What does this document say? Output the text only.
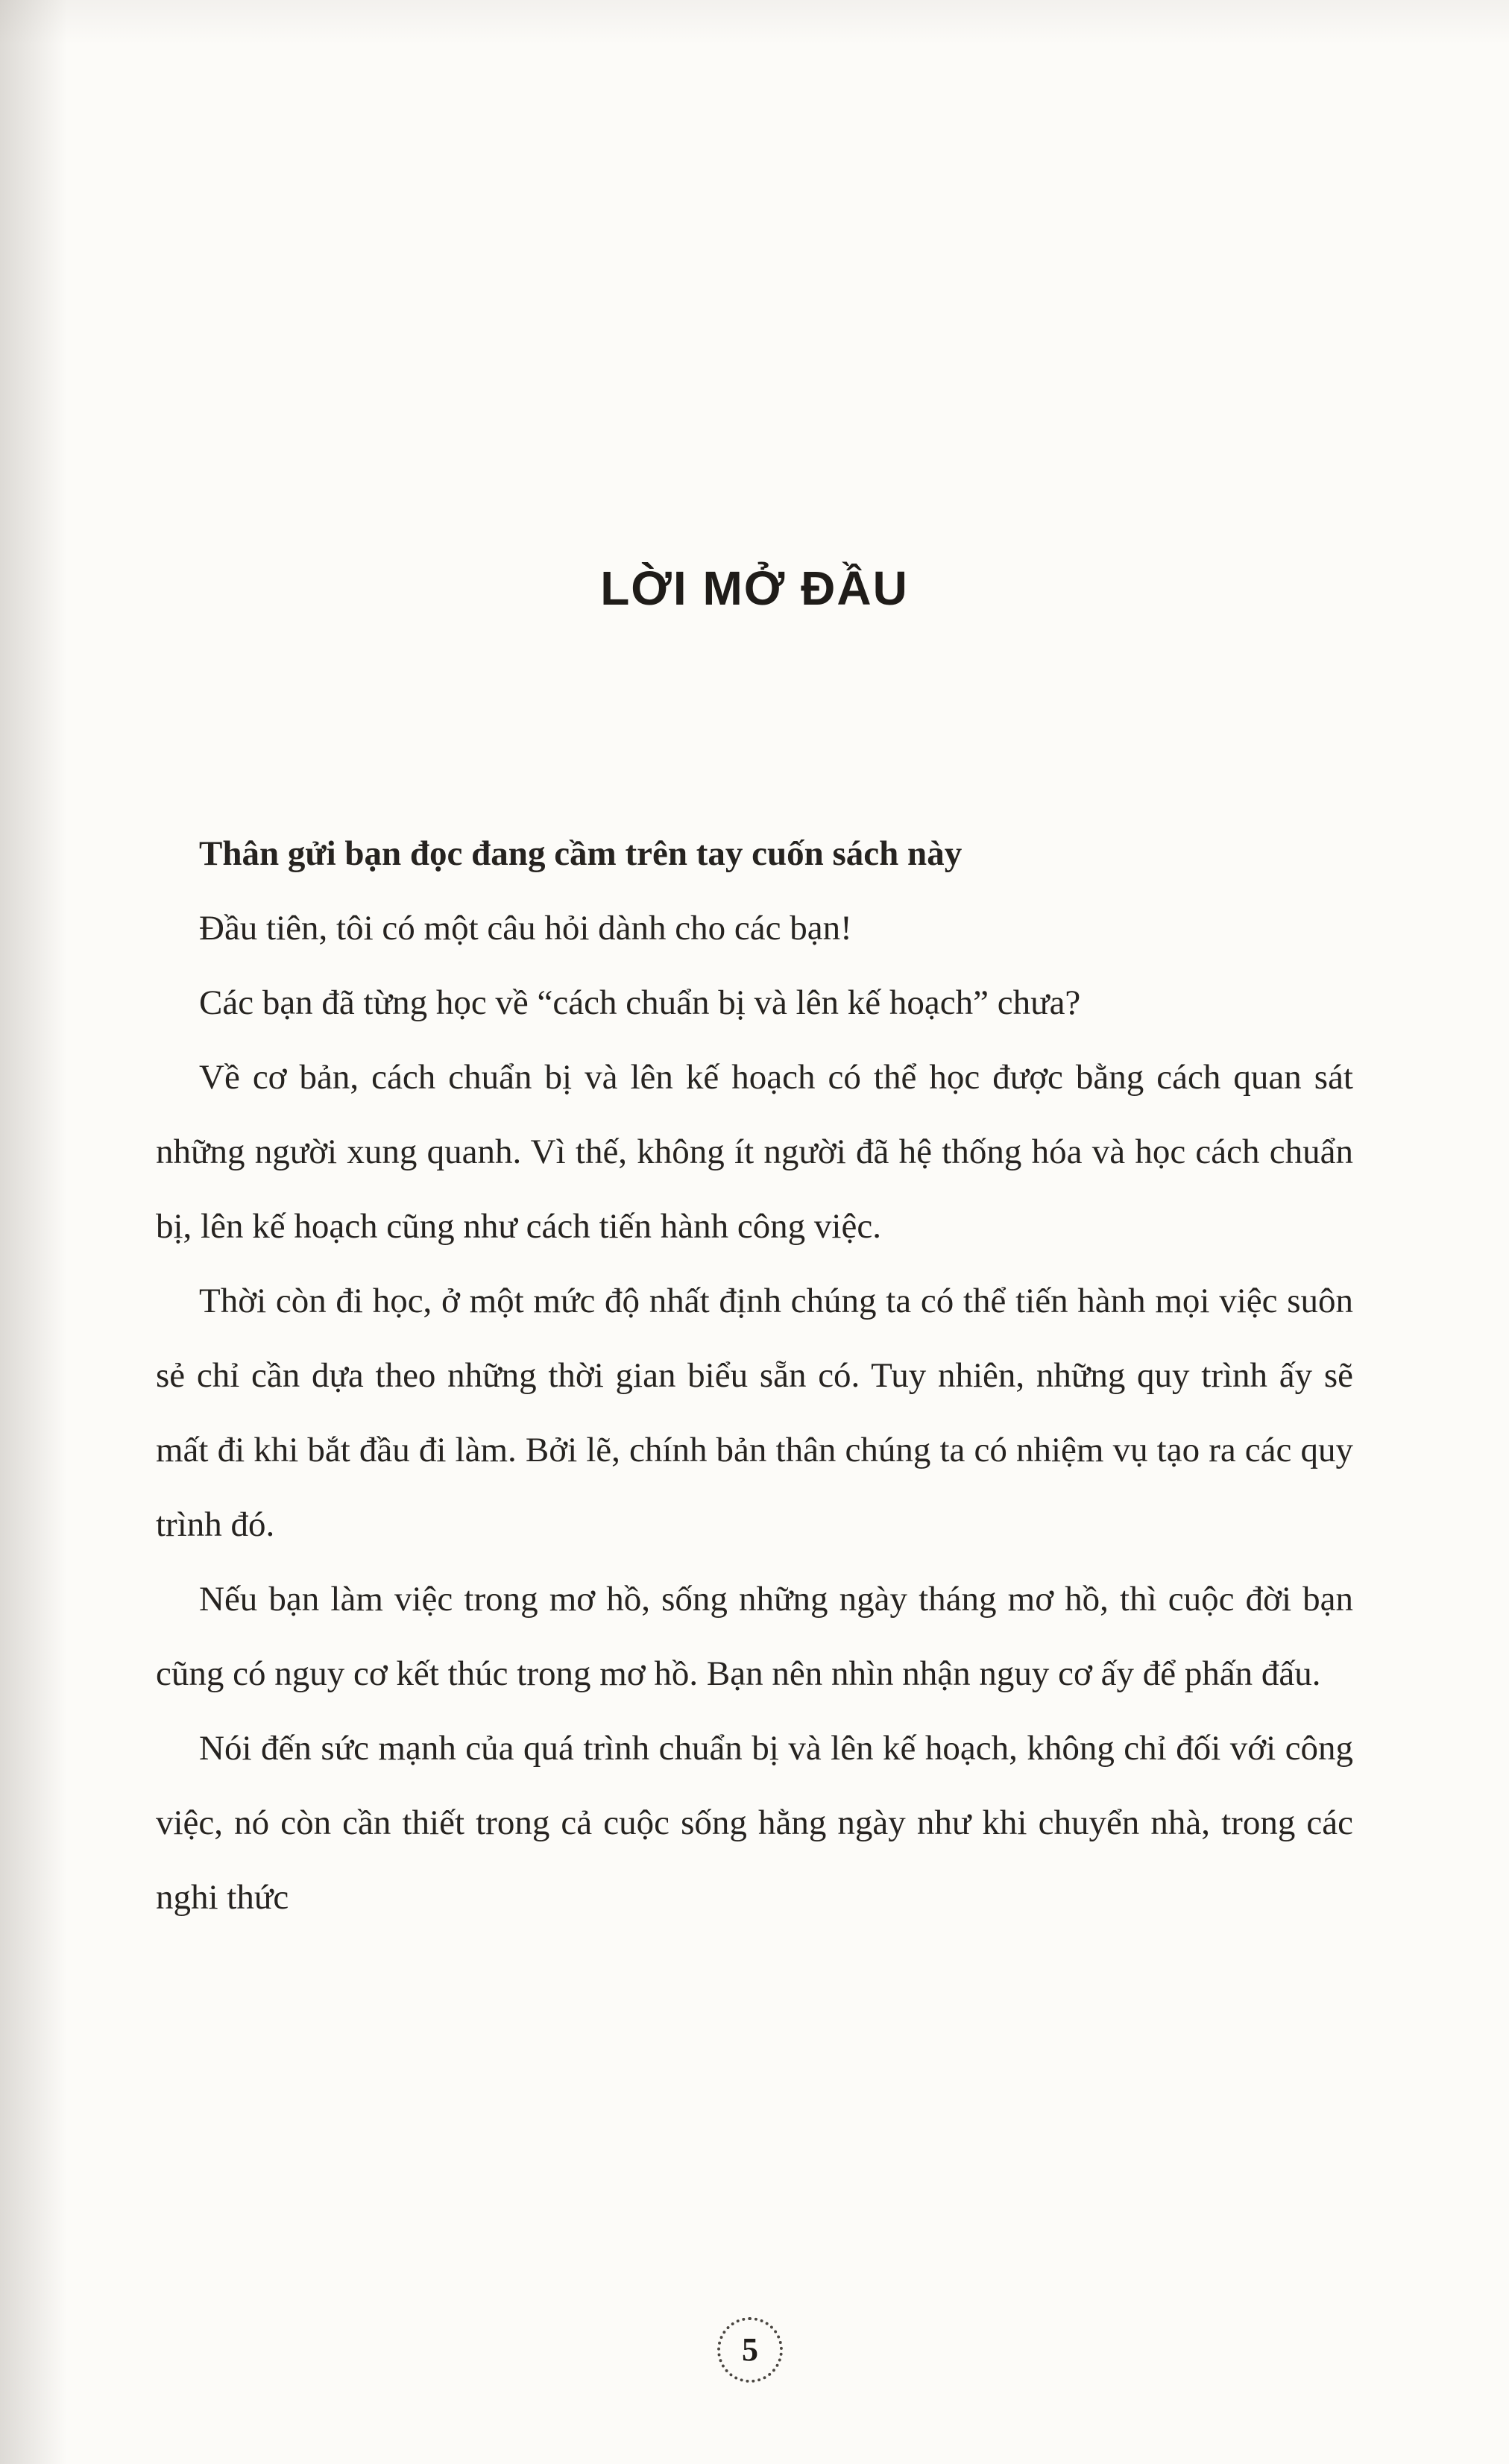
LỜI MỞ ĐẦU

Thân gửi bạn đọc đang cầm trên tay cuốn sách này

Đầu tiên, tôi có một câu hỏi dành cho các bạn!

Các bạn đã từng học về “cách chuẩn bị và lên kế hoạch” chưa?

Về cơ bản, cách chuẩn bị và lên kế hoạch có thể học được bằng cách quan sát những người xung quanh. Vì thế, không ít người đã hệ thống hóa và học cách chuẩn bị, lên kế hoạch cũng như cách tiến hành công việc.

Thời còn đi học, ở một mức độ nhất định chúng ta có thể tiến hành mọi việc suôn sẻ chỉ cần dựa theo những thời gian biểu sẵn có. Tuy nhiên, những quy trình ấy sẽ mất đi khi bắt đầu đi làm. Bởi lẽ, chính bản thân chúng ta có nhiệm vụ tạo ra các quy trình đó.

Nếu bạn làm việc trong mơ hồ, sống những ngày tháng mơ hồ, thì cuộc đời bạn cũng có nguy cơ kết thúc trong mơ hồ. Bạn nên nhìn nhận nguy cơ ấy để phấn đấu.

Nói đến sức mạnh của quá trình chuẩn bị và lên kế hoạch, không chỉ đối với công việc, nó còn cần thiết trong cả cuộc sống hằng ngày như khi chuyển nhà, trong các nghi thức

5
